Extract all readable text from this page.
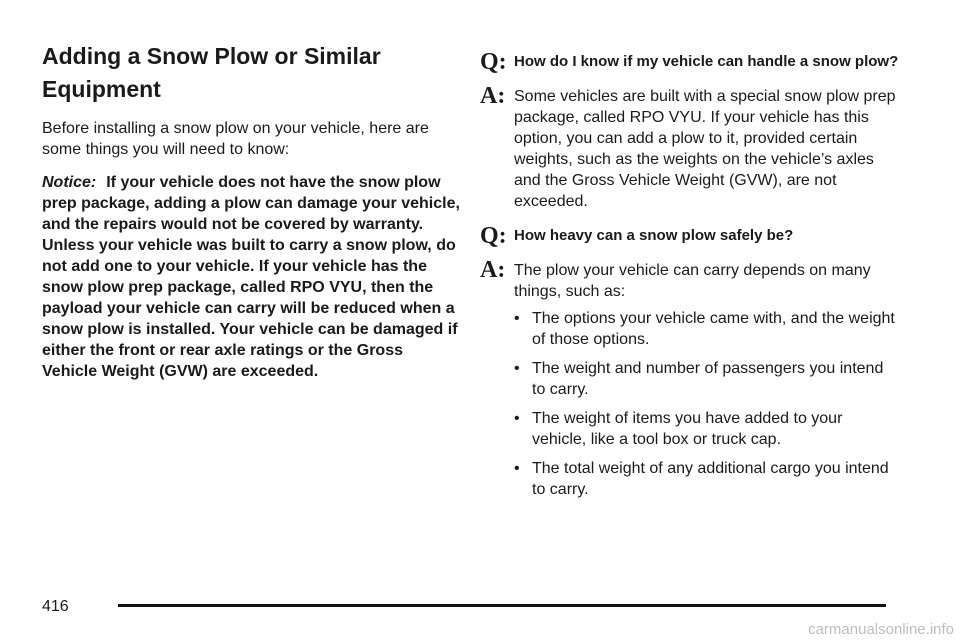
Adding a Snow Plow or Similar Equipment

Before installing a snow plow on your vehicle, here are some things you will need to know:

Notice: If your vehicle does not have the snow plow prep package, adding a plow can damage your vehicle, and the repairs would not be covered by warranty. Unless your vehicle was built to carry a snow plow, do not add one to your vehicle. If your vehicle has the snow plow prep package, called RPO VYU, then the payload your vehicle can carry will be reduced when a snow plow is installed. Your vehicle can be damaged if either the front or rear axle ratings or the Gross Vehicle Weight (GVW) are exceeded.

Q: How do I know if my vehicle can handle a snow plow?
A: Some vehicles are built with a special snow plow prep package, called RPO VYU. If your vehicle has this option, you can add a plow to it, provided certain weights, such as the weights on the vehicle’s axles and the Gross Vehicle Weight (GVW), are not exceeded.
Q: How heavy can a snow plow safely be?
A: The plow your vehicle can carry depends on many things, such as:
• The options your vehicle came with, and the weight of those options.
• The weight and number of passengers you intend to carry.
• The weight of items you have added to your vehicle, like a tool box or truck cap.
• The total weight of any additional cargo you intend to carry.
416
carmanualsonline.info
